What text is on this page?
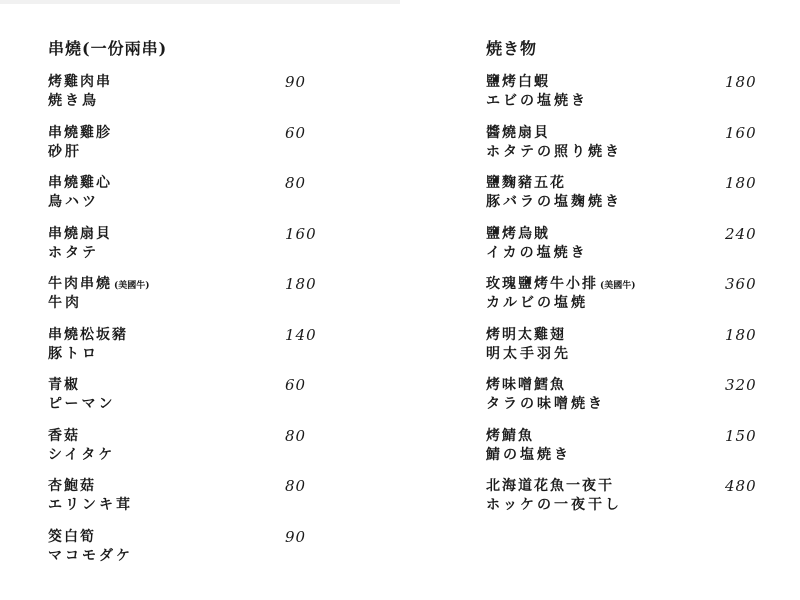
串燒(一份兩串)
烤雞肉串
焼き鳥
90
串燒雞胗
砂肝
60
串燒雞心
鳥ハツ
80
串燒扇貝
ホタテ
160
牛肉串燒 (美國牛)
牛肉
180
串燒松坂豬
豚トロ
140
青椒
ピーマン
60
香菇
シイタケ
80
杏鮑菇
エリンキ茸
80
筊白筍
マコモダケ
90
焼き物
鹽烤白蝦
エビの塩焼き
180
醬燒扇貝
ホタテの照り焼き
160
鹽麴豬五花
豚バラの塩麹焼き
180
鹽烤烏賊
イカの塩焼き
240
玫瑰鹽烤牛小排 (美國牛)
カルビの塩焼
360
烤明太雞翅
明太手羽先
180
烤味噌鱈魚
タラの味噌焼き
320
烤鯖魚
鯖の塩焼き
150
北海道花魚一夜干
ホッケの一夜干し
480
